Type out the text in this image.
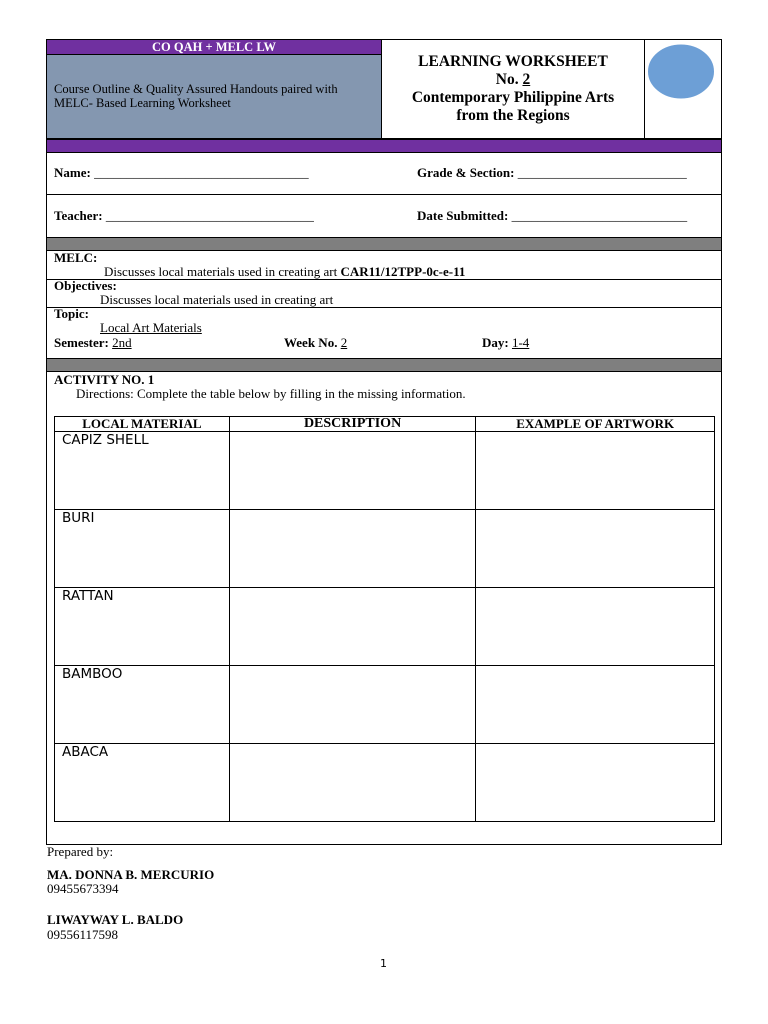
CO QAH + MELC LW
Course Outline & Quality Assured Handouts paired with MELC- Based Learning Worksheet
LEARNING WORKSHEET
No. 2
Contemporary Philippine Arts
from the Regions
Name: _________________________________	Grade & Section: __________________________
Teacher: ________________________________	Date Submitted: ___________________________
MELC:
Discusses local materials used in creating art CAR11/12TPP-0c-e-11
Objectives:
Discusses local materials used in creating art
Topic:
Local Art Materials
Semester: 2nd	Week No. 2	Day: 1-4
ACTIVITY NO. 1
Directions: Complete the table below by filling in the missing information.
LOCAL MATERIAL	DESCRIPTION	EXAMPLE OF ARTWORK
CAPIZ SHELL		
BURI		
RATTAN		
BAMBOO		
ABACA		
Prepared by:
MA. DONNA B. MERCURIO
09455673394
LIWAYWAY L. BALDO
09556117598
1
